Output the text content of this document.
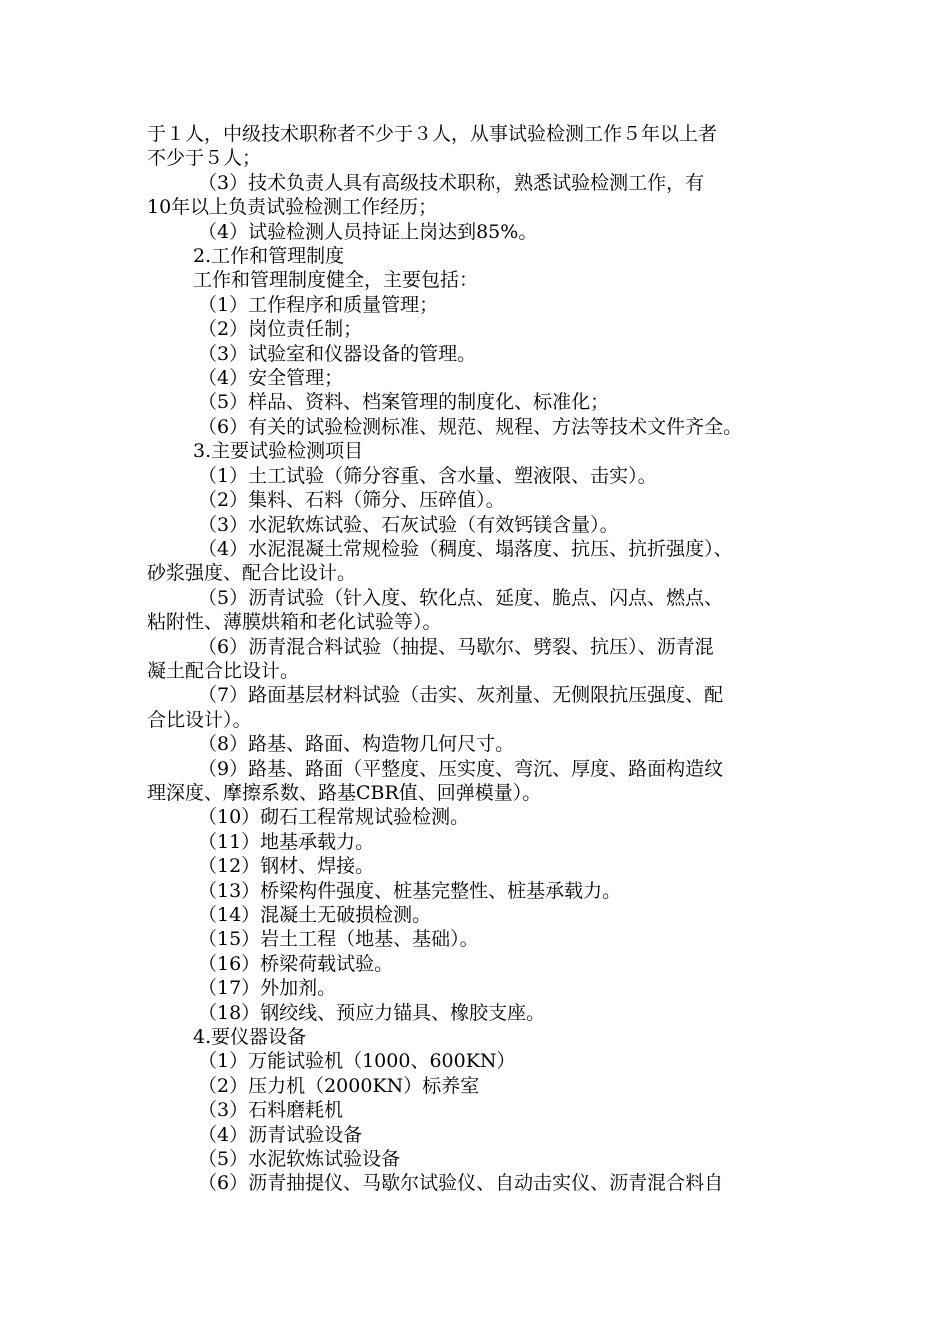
于１人，中级技术职称者不少于３人，从事试验检测工作５年以上者

不少于５人；

（3）技术负责人具有高级技术职称，熟悉试验检测工作，有

10年以上负责试验检测工作经历；

（4）试验检测人员持证上岗达到85%。

2.工作和管理制度

工作和管理制度健全，主要包括：

（1）工作程序和质量管理；

（2）岗位责任制；

（3）试验室和仪器设备的管理。

（4）安全管理；

（5）样品、资料、档案管理的制度化、标准化；

（6）有关的试验检测标准、规范、规程、方法等技术文件齐全。

3.主要试验检测项目

（1）土工试验（筛分容重、含水量、塑液限、击实）。

（2）集料、石料（筛分、压碎值）。

（3）水泥软炼试验、石灰试验（有效钙镁含量）。

（4）水泥混凝土常规检验（稠度、塌落度、抗压、抗折强度）、

砂浆强度、配合比设计。

（5）沥青试验（针入度、软化点、延度、脆点、闪点、燃点、

粘附性、薄膜烘箱和老化试验等）。

（6）沥青混合料试验（抽提、马歇尔、劈裂、抗压）、沥青混

凝土配合比设计。

（7）路面基层材料试验（击实、灰剂量、无侧限抗压强度、配

合比设计）。

（8）路基、路面、构造物几何尺寸。

（9）路基、路面（平整度、压实度、弯沉、厚度、路面构造纹

理深度、摩擦系数、路基CBR值、回弹模量）。

（10）砌石工程常规试验检测。

（11）地基承载力。

（12）钢材、焊接。

（13）桥梁构件强度、桩基完整性、桩基承载力。

（14）混凝土无破损检测。

（15）岩土工程（地基、基础）。

（16）桥梁荷载试验。

（17）外加剂。

（18）钢绞线、预应力锚具、橡胶支座。

4.要仪器设备

（1）万能试验机（1000、600KN）

（2）压力机（2000KN）标养室

（3）石料磨耗机

（4）沥青试验设备

（5）水泥软炼试验设备

（6）沥青抽提仪、马歇尔试验仪、自动击实仪、沥青混合料自
